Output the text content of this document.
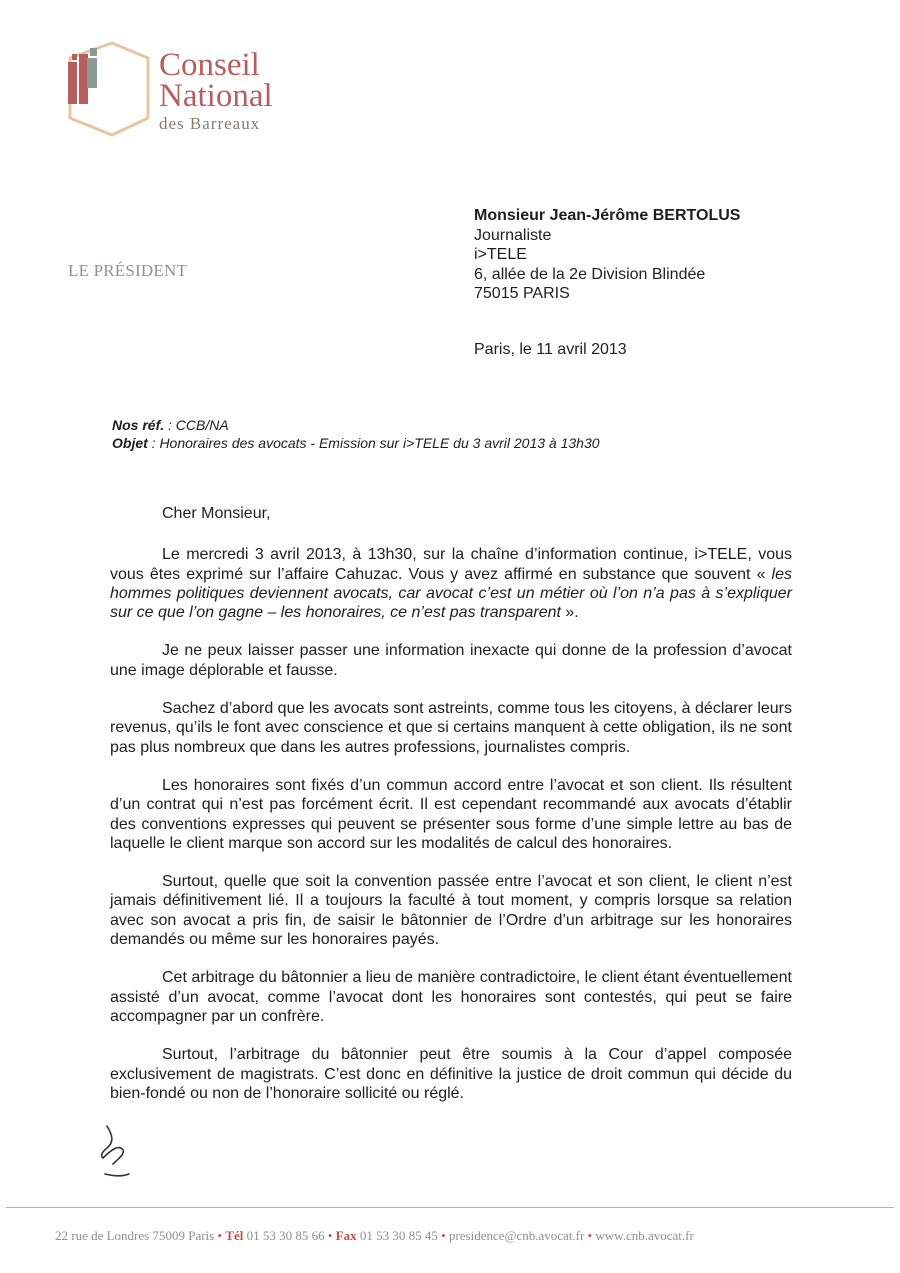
Conseil
National
des Barreaux
LE PRÉSIDENT
Monsieur Jean-Jérôme BERTOLUS
Journaliste
i>TELE
6, allée de la 2e Division Blindée
75015 PARIS
Paris, le 11 avril 2013
Nos réf. : CCB/NA
Objet : Honoraires des avocats - Emission sur i>TELE du 3 avril 2013 à 13h30

Cher Monsieur,

Le mercredi 3 avril 2013, à 13h30, sur la chaîne d’information continue, i>TELE, vous vous êtes exprimé sur l’affaire Cahuzac. Vous y avez affirmé en substance que souvent « les hommes politiques deviennent avocats, car avocat c’est un métier où l’on n’a pas à s’expliquer sur ce que l’on gagne – les honoraires, ce n’est pas transparent ».

Je ne peux laisser passer une information inexacte qui donne de la profession d’avocat une image déplorable et fausse.

Sachez d’abord que les avocats sont astreints, comme tous les citoyens, à déclarer leurs revenus, qu’ils le font avec conscience et que si certains manquent à cette obligation, ils ne sont pas plus nombreux que dans les autres professions, journalistes compris.

Les honoraires sont fixés d’un commun accord entre l’avocat et son client. Ils résultent d’un contrat qui n’est pas forcément écrit. Il est cependant recommandé aux avocats d’établir des conventions expresses qui peuvent se présenter sous forme d’une simple lettre au bas de laquelle le client marque son accord sur les modalités de calcul des honoraires.

Surtout, quelle que soit la convention passée entre l’avocat et son client, le client n’est jamais définitivement lié. Il a toujours la faculté à tout moment, y compris lorsque sa relation avec son avocat a pris fin, de saisir le bâtonnier de l’Ordre d’un arbitrage sur les honoraires demandés ou même sur les honoraires payés.

Cet arbitrage du bâtonnier a lieu de manière contradictoire, le client étant éventuellement assisté d’un avocat, comme l’avocat dont les honoraires sont contestés, qui peut se faire accompagner par un confrère.

Surtout, l’arbitrage du bâtonnier peut être soumis à la Cour d’appel composée exclusivement de magistrats. C’est donc en définitive la justice de droit commun qui décide du bien-fondé ou non de l’honoraire sollicité ou réglé.

22 rue de Londres 75009 Paris • Tél 01 53 30 85 66 • Fax 01 53 30 85 45 • presidence@cnb.avocat.fr • www.cnb.avocat.fr
